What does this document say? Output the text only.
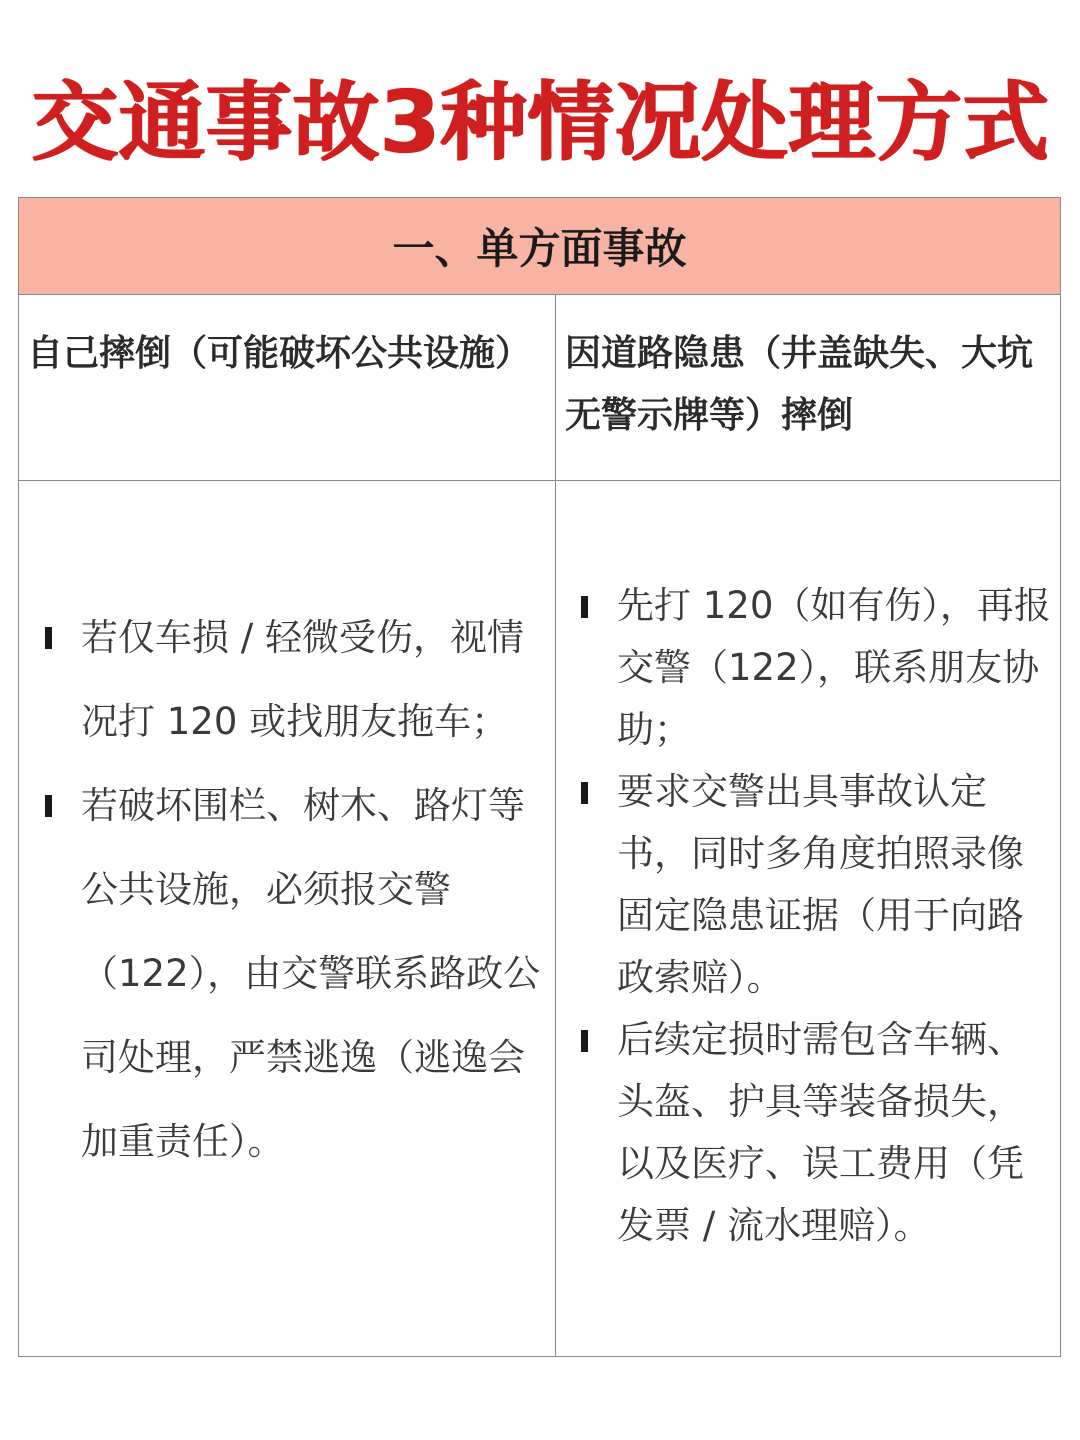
交通事故3种情况处理方式
一、单方面事故
自己摔倒（可能破坏公共设施） 因道路隐患（井盖缺失、大坑无警示牌等）摔倒
若仅车损 / 轻微受伤，视情况打 120 或找朋友拖车；
若破坏围栏、树木、路灯等公共设施，必须报交警（122），由交警联系路政公司处理，严禁逃逸（逃逸会加重责任）。
先打 120（如有伤），再报交警（122），联系朋友协助；
要求交警出具事故认定书，同时多角度拍照录像固定隐患证据（用于向路政索赔）。
后续定损时需包含车辆、头盔、护具等装备损失，以及医疗、误工费用（凭发票 / 流水理赔）。
